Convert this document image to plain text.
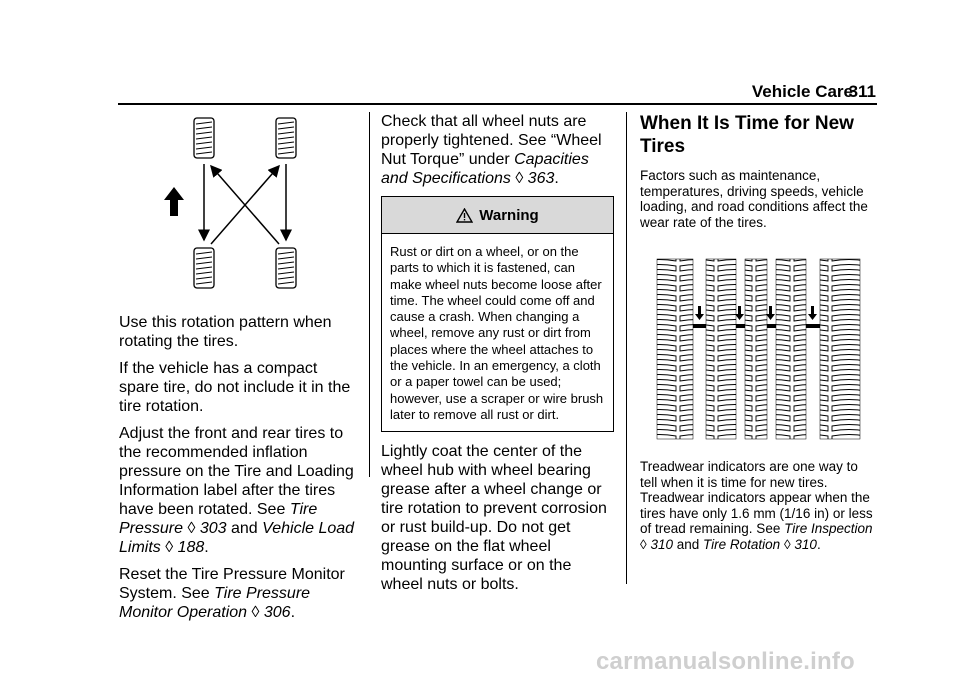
Vehicle Care
311

Use this rotation pattern when rotating the tires.

If the vehicle has a compact spare tire, do not include it in the tire rotation.

Adjust the front and rear tires to the recommended inflation pressure on the Tire and Loading Information label after the tires have been rotated. See Tire Pressure ◊ 303 and Vehicle Load Limits ◊ 188.

Reset the Tire Pressure Monitor System. See Tire Pressure Monitor Operation ◊ 306.

Check that all wheel nuts are properly tightened. See “Wheel Nut Torque” under Capacities and Specifications ◊ 363.

Warning
Rust or dirt on a wheel, or on the parts to which it is fastened, can make wheel nuts become loose after time. The wheel could come off and cause a crash. When changing a wheel, remove any rust or dirt from places where the wheel attaches to the vehicle. In an emergency, a cloth or a paper towel can be used; however, use a scraper or wire brush later to remove all rust or dirt.

Lightly coat the center of the wheel hub with wheel bearing grease after a wheel change or tire rotation to prevent corrosion or rust build-up. Do not get grease on the flat wheel mounting surface or on the wheel nuts or bolts.

When It Is Time for New Tires

Factors such as maintenance, temperatures, driving speeds, vehicle loading, and road conditions affect the wear rate of the tires.

Treadwear indicators are one way to tell when it is time for new tires. Treadwear indicators appear when the tires have only 1.6 mm (1/16 in) or less of tread remaining. See Tire Inspection ◊ 310 and Tire Rotation ◊ 310.

carmanualsonline.info
